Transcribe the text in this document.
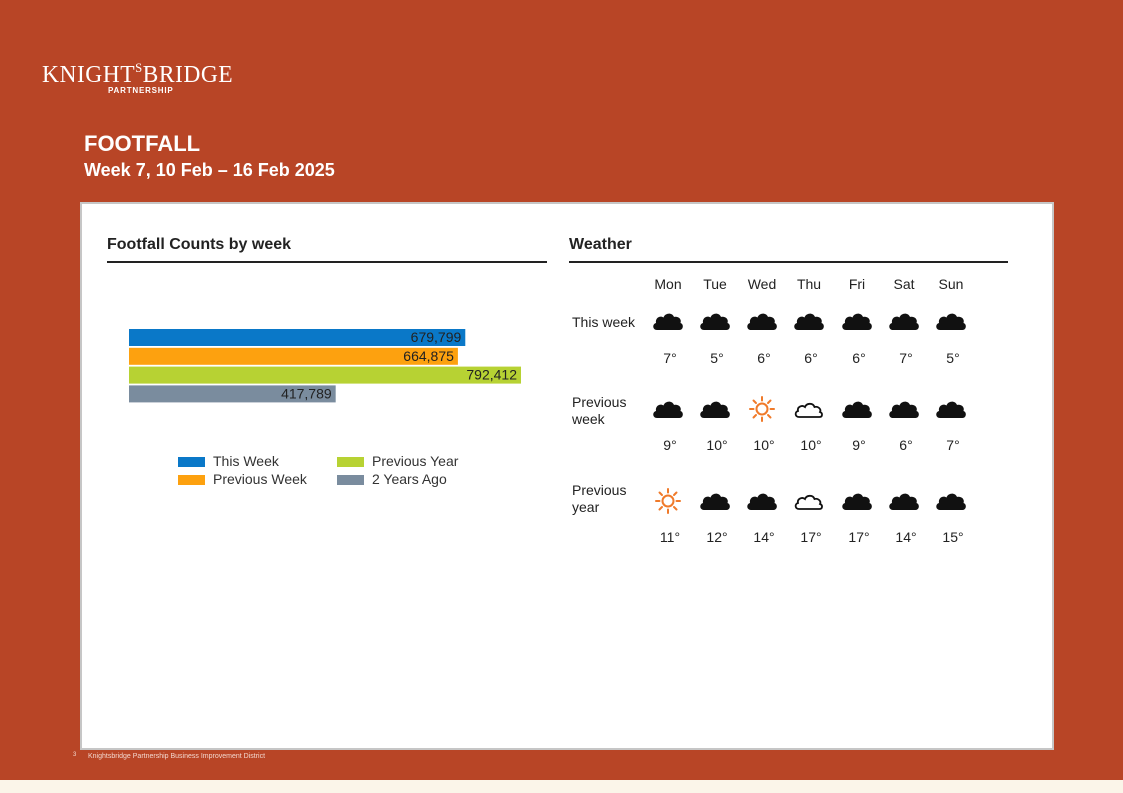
$KNIGHT^SBRIDGE$
PARTNERSHIP
FOOTFALL
Week 7, 10 Feb – 16 Feb 2025
Footfall Counts by week
679,799
664,875
792,412
417,789
This Week
Previous Week
Previous Year
2 Years Ago
Weather
Mon	Tue	Wed	Thu	Fri	Sat	Sun
This week
7°	5°	6°	6°	6°	7°	5°
Previous week
9°	10°	10°	10°	9°	6°	7°
Previous year
11°	12°	14°	17°	17°	14°	15°
3 Knightsbridge Partnership Business Improvement District
